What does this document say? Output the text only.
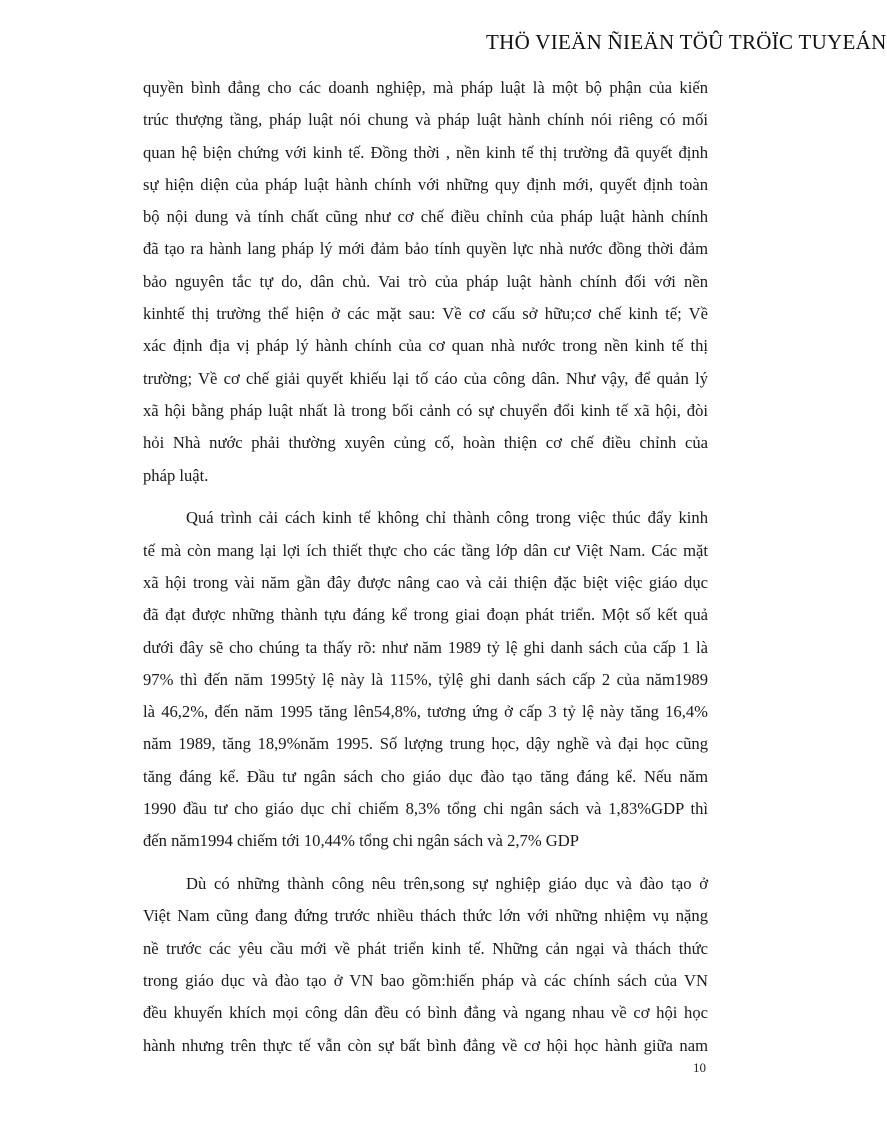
THÖ VIEÄN ÑIEÄN TÖÛ TRÖÏC TUYEÁN
quyền bình đẳng cho các doanh nghiệp, mà pháp luật là một bộ phận của kiến
trúc thượng tầng, pháp luật nói chung và pháp luật hành chính nói riêng có mối
quan hệ biện chứng với kinh tế. Đồng thời , nền kinh tế thị trường đã quyết định
sự hiện diện của pháp luật hành chính với những quy định mới, quyết định toàn
bộ nội dung và tính chất cũng như cơ chế điều chỉnh của pháp luật hành chính
đã tạo ra hành lang pháp lý mới đảm bảo tính quyền lực nhà nước đồng thời đảm
bảo nguyên tắc tự do, dân chủ. Vai trò của pháp luật hành chính đối với nền
kinhtế thị trường thể hiện ở các mặt sau: Về cơ cấu sở hữu;cơ chế kinh tế; Về
xác định địa vị pháp lý hành chính của cơ quan nhà nước trong nền kinh tế thị
trường; Về cơ chế giải quyết khiếu lại tố cáo của công dân. Như vậy, để quản lý
xã hội bằng pháp luật nhất là trong bối cảnh có sự chuyển đổi kinh tế xã hội, đòi
hỏi Nhà nước phải thường xuyên củng cố, hoàn thiện cơ chế điều chỉnh của
pháp luật.
Quá trình cải cách kinh tế không chỉ thành công trong việc thúc đẩy kinh
tế mà còn mang lại lợi ích thiết thực cho các tầng lớp dân cư Việt Nam. Các mặt
xã hội trong vài năm gần đây được nâng cao và cải thiện đặc biệt việc giáo dục
đã đạt được những thành tựu đáng kể trong giai đoạn phát triển. Một số kết quả
dưới đây sẽ cho chúng ta thấy rõ: như năm 1989 tỷ lệ ghi danh sách của cấp 1 là
97% thì đến năm 1995tỷ lệ này là 115%, tỷlệ ghi danh sách cấp 2 của năm1989
là 46,2%, đến năm 1995 tăng lên54,8%, tương ứng ở cấp 3 tỷ lệ này tăng 16,4%
năm 1989, tăng 18,9%năm 1995. Số lượng trung học, dậy nghề và đại học cũng
tăng đáng kể. Đầu tư ngân sách cho giáo dục đào tạo tăng đáng kể. Nếu năm
1990 đầu tư cho giáo dục chỉ chiếm 8,3% tổng chi ngân sách và 1,83%GDP thì
đến năm1994 chiếm tới 10,44% tổng chi ngân sách và 2,7% GDP
Dù có những thành công nêu trên,song sự nghiệp giáo dục và đào tạo ở
Việt Nam cũng đang đứng trước nhiều thách thức lớn với những nhiệm vụ nặng
nề trước các yêu cầu mới về phát triển kinh tế. Những cản ngại và thách thức
trong giáo dục và đào tạo ở VN bao gồm:hiến pháp và các chính sách của VN
đều khuyến khích mọi công dân đều có bình đẳng và ngang nhau về cơ hội học
hành nhưng trên thực tế vẫn còn sự bất bình đẳng về cơ hội học hành giữa nam
10
